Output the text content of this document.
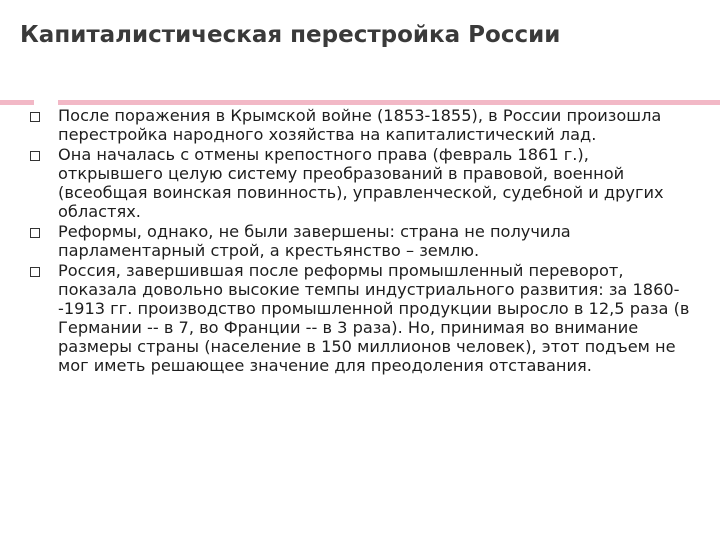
Капиталистическая перестройка России
После поражения в Крымской войне (1853-1855), в России произошла перестройка народного хозяйства на капиталистический лад.
Она началась с отмены крепостного права (февраль 1861 г.), открывшего целую систему преобразований в правовой, военной (всеобщая воинская повинность), управленческой, судебной и других областях.
Реформы, однако, не были завершены: страна не получила парламентарный строй, а крестьянство – землю.
Россия, завершившая после реформы промышленный переворот, показала довольно высокие темпы индустриального развития: за 1860--1913 гг. производство промышленной продукции выросло в 12,5 раза (в Германии -- в 7, во Франции -- в 3 раза). Но, принимая во внимание размеры страны (население в 150 миллионов человек), этот подъем не мог иметь решающее значение для преодоления отставания.
